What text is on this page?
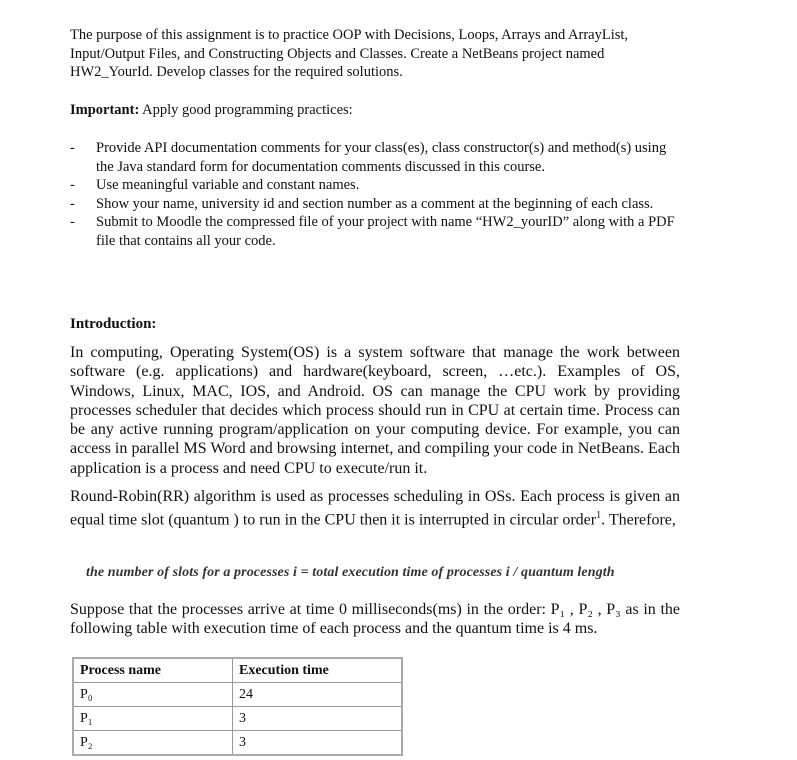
The purpose of this assignment is to practice OOP with Decisions, Loops, Arrays and ArrayList, Input/Output Files, and Constructing Objects and Classes. Create a NetBeans project named HW2_YourId. Develop classes for the required solutions.

Important: Apply good programming practices:

- Provide API documentation comments for your class(es), class constructor(s) and method(s) using the Java standard form for documentation comments discussed in this course.
- Use meaningful variable and constant names.
- Show your name, university id and section number as a comment at the beginning of each class.
- Submit to Moodle the compressed file of your project with name “HW2_yourID” along with a PDF file that contains all your code.

Introduction:

In computing, Operating System(OS) is a system software that manage the work between software (e.g. applications) and hardware(keyboard, screen, …etc.). Examples of OS, Windows, Linux, MAC, IOS, and Android. OS can manage the CPU work by providing processes scheduler that decides which process should run in CPU at certain time. Process can be any active running program/application on your computing device. For example, you can access in parallel MS Word and browsing internet, and compiling your code in NetBeans. Each application is a process and need CPU to execute/run it.

Round-Robin(RR) algorithm is used as processes scheduling in OSs. Each process is given an equal time slot (quantum ) to run in the CPU then it is interrupted in circular order$^1$. Therefore,

the number of slots for a processes i = total execution time of processes i / quantum length

Suppose that the processes arrive at time 0 milliseconds(ms) in the order: P₁ , P₂ , P₃ as in the following table with execution time of each process and the quantum time is 4 ms.

Process name	Execution time
P₀	24
P₁	3
P₂	3
